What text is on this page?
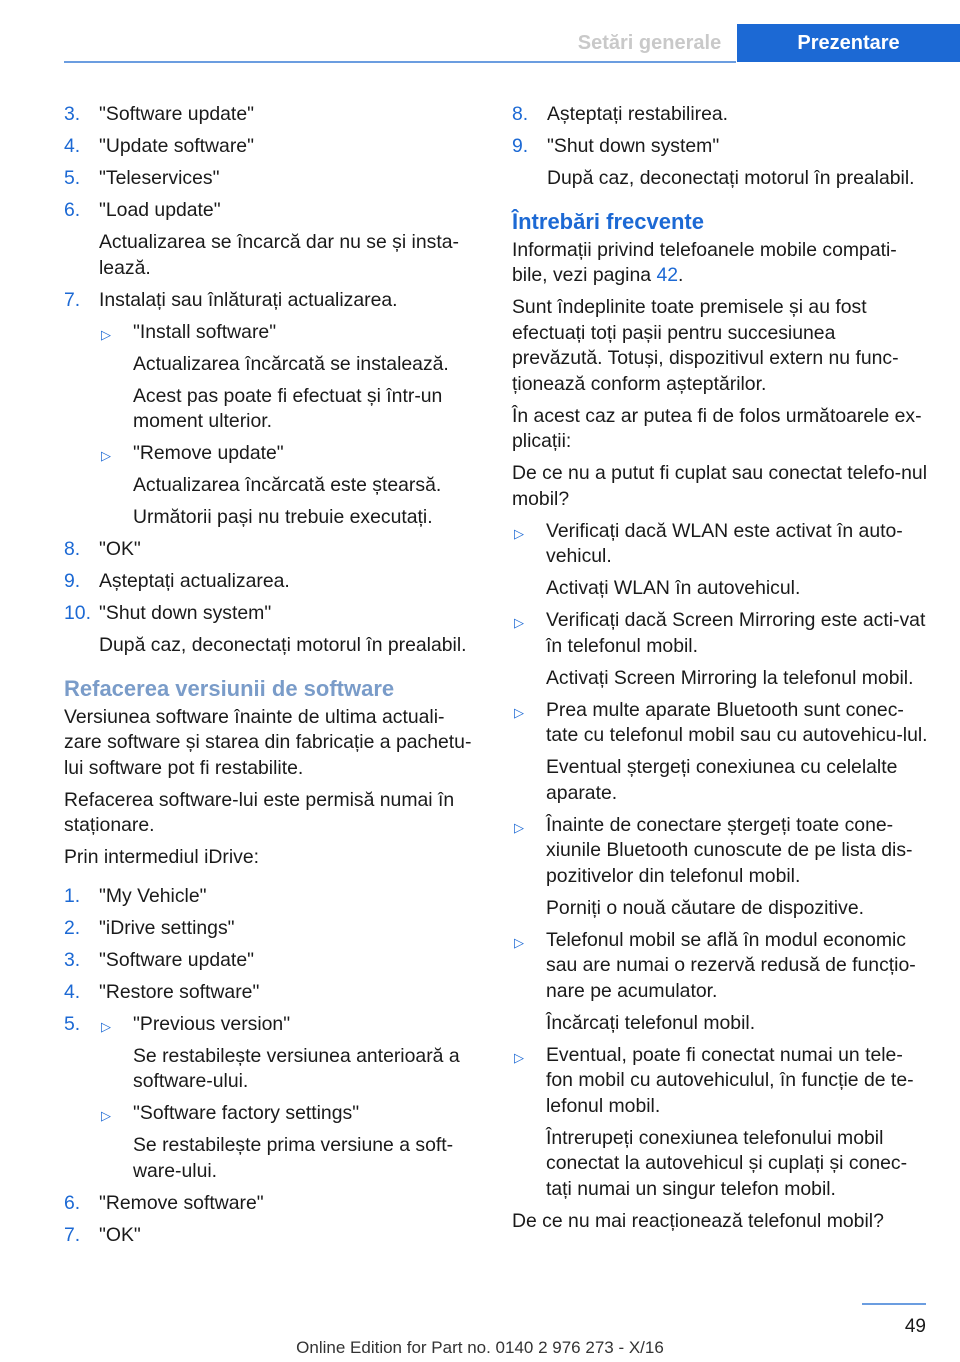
Setări generale	Prezentare
3. "Software update"

4. "Update software"

5. "Teleservices"

6. "Load update"

Actualizarea se încarcă dar nu se și insta-lează.

7. Instalați sau înlăturați actualizarea.

▷ "Install software"

Actualizarea încărcată se instalează.

Acest pas poate fi efectuat și într-un moment ulterior.

▷ "Remove update"

Actualizarea încărcată este ștearsă.

Următorii pași nu trebuie executați.

8. "OK"

9. Așteptați actualizarea.

10. "Shut down system"

După caz, deconectați motorul în prealabil.

Refacerea versiunii de software

Versiunea software înainte de ultima actuali-zare software și starea din fabricație a pachetu-lui software pot fi restabilite.

Refacerea software-lui este permisă numai în staționare.

Prin intermediul iDrive:

1. "My Vehicle"

2. "iDrive settings"

3. "Software update"

4. "Restore software"

5. ▷ "Previous version"

Se restabilește versiunea anterioară a software-ului.

▷ "Software factory settings"

Se restabilește prima versiune a soft-ware-ului.

6. "Remove software"

7. "OK"

8. Așteptați restabilirea.

9. "Shut down system"

După caz, deconectați motorul în prealabil.

Întrebări frecvente

Informații privind telefoanele mobile compati-bile, vezi pagina 42.

Sunt îndeplinite toate premisele și au fost efectuați toți pașii pentru succesiunea prevăzută. Totuși, dispozitivul extern nu func-ționează conform așteptărilor.

În acest caz ar putea fi de folos următoarele ex-plicații:

De ce nu a putut fi cuplat sau conectat telefo-nul mobil?

▷ Verificați dacă WLAN este activat în auto-vehicul.

Activați WLAN în autovehicul.

▷ Verificați dacă Screen Mirroring este acti-vat în telefonul mobil.

Activați Screen Mirroring la telefonul mobil.

▷ Prea multe aparate Bluetooth sunt conec-tate cu telefonul mobil sau cu autovehicu-lul.

Eventual ștergeți conexiunea cu celelalte aparate.

▷ Înainte de conectare ștergeți toate cone-xiunile Bluetooth cunoscute de pe lista dis-pozitivelor din telefonul mobil.

Porniți o nouă căutare de dispozitive.

▷ Telefonul mobil se află în modul economic sau are numai o rezervă redusă de funcțio-nare pe acumulator.

Încărcați telefonul mobil.

▷ Eventual, poate fi conectat numai un tele-fon mobil cu autovehiculul, în funcție de te-lefonul mobil.

Întrerupeți conexiunea telefonului mobil conectat la autovehicul și cuplați și conec-tați numai un singur telefon mobil.

De ce nu mai reacționează telefonul mobil?

49
Online Edition for Part no. 0140 2 976 273 - X/16
